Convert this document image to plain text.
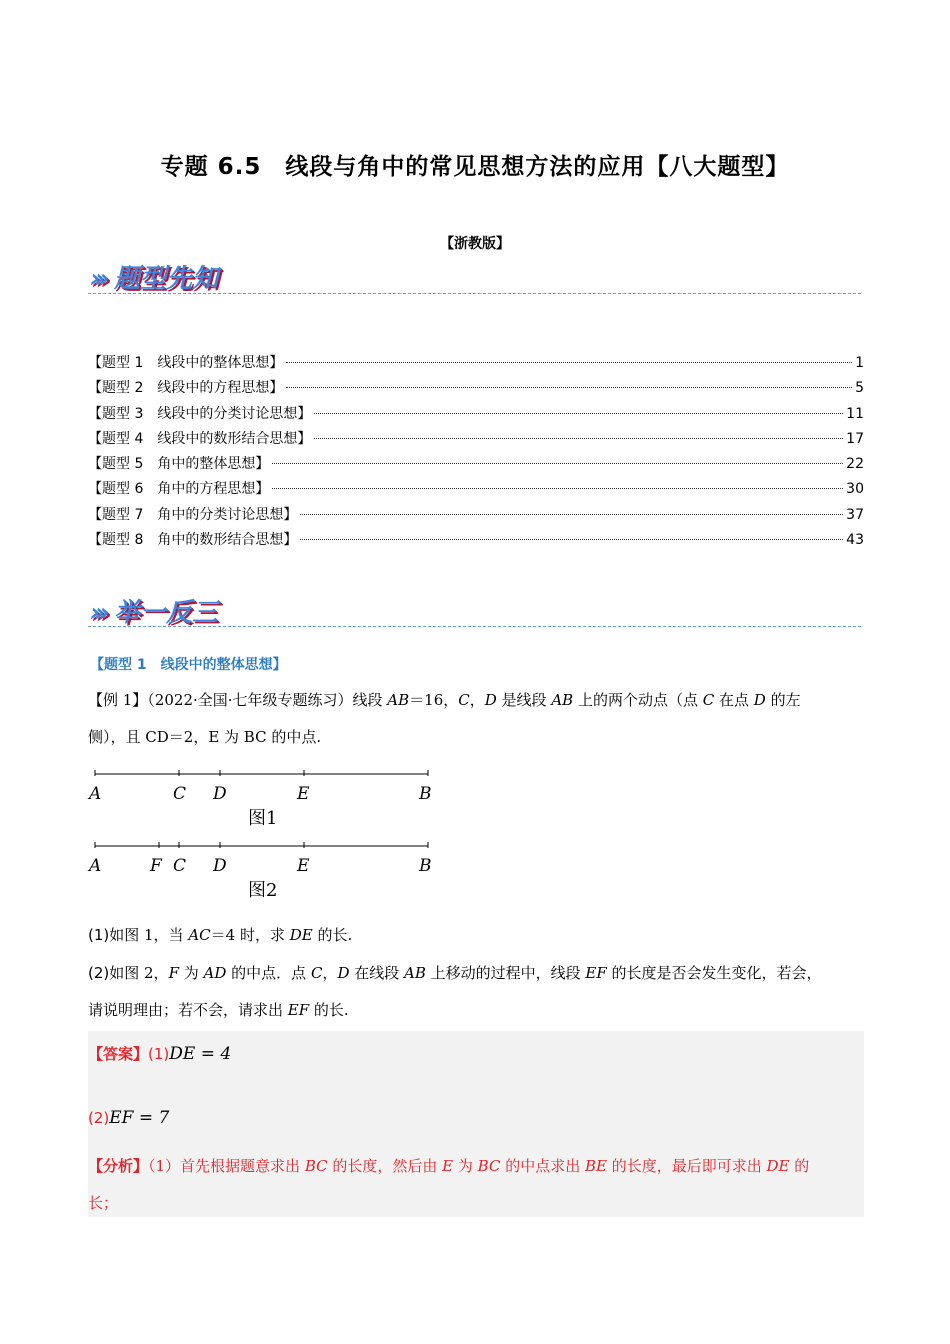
专题 6.5　线段与角中的常见思想方法的应用【八大题型】
【浙教版】
››› 题型先知
【题型 1　线段中的整体思想】	1
【题型 2　线段中的方程思想】	5
【题型 3　线段中的分类讨论思想】	11
【题型 4　线段中的数形结合思想】	17
【题型 5　角中的整体思想】	22
【题型 6　角中的方程思想】	30
【题型 7　角中的分类讨论思想】	37
【题型 8　角中的数形结合思想】	43
››› 举一反三
【题型 1　线段中的整体思想】
【例 1】（2022·全国·七年级专题练习）线段 AB＝16，C，D 是线段 AB 上的两个动点（点 C 在点 D 的左
侧），且 CD＝2，E 为 BC 的中点.
A	C D	E	B
图1
A	F C D	E	B
图2
(1)如图 1，当 AC＝4 时，求 DE 的长.
(2)如图 2，F 为 AD 的中点．点 C，D 在线段 AB 上移动的过程中，线段 EF 的长度是否会发生变化，若会，
请说明理由；若不会，请求出 EF 的长.
【答案】(1)DE = 4
(2)EF = 7
【分析】（1）首先根据题意求出 BC 的长度，然后由 E 为 BC 的中点求出 BE 的长度，最后即可求出 DE 的
长；
